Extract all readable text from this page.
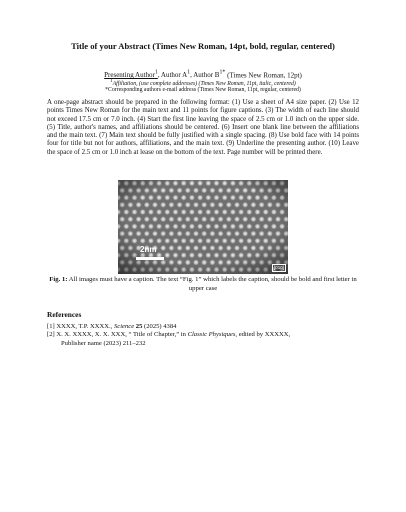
Title of your Abstract (Times New Roman, 14pt, bold, regular, centered)
Presenting Author$^1$, Author $A^1$, Author $B^{1*}$ (Times New Roman, 12pt)
$^1$Affiliation, (use complete addresses) (Times New Roman, 11pt, italic, centered)
*Corresponding authors e-mail address (Times New Roman, 11pt, regular, centered)

A one-page abstract should be prepared in the following format: (1) Use a sheet of A4 size paper. (2) Use 12 points Times New Roman for the main text and 11 points for figure captions. (3) The width of each line should not exceed 17.5 cm or 7.0 inch. (4) Start the first line leaving the space of 2.5 cm or 1.0 inch on the upper side. (5) Title, author's names, and affiliations should be centered. (6) Insert one blank line between the affiliations and the main text. (7) Main text should be fully justified with a single spacing. (8) Use bold face with 14 points four for title but not for authors, affiliations, and the main text. (9) Underline the presenting author. (10) Leave the space of 2.5 cm or 1.0 inch at lease on the bottom of the text. Page number will be printed there.

2nm
[010]
Fig. 1: All images must have a caption. The text “Fig. 1” which labels the caption, should be bold and first letter in upper case
References
[1] XXXX, T.P. XXXX., Science 25 (2025) 4384
[2] X. X. XXXX, X. X. XXX, “ Title of Chapter,” in Classic Physiques, edited by XXXXX,
Publisher name (2023) 211–232
